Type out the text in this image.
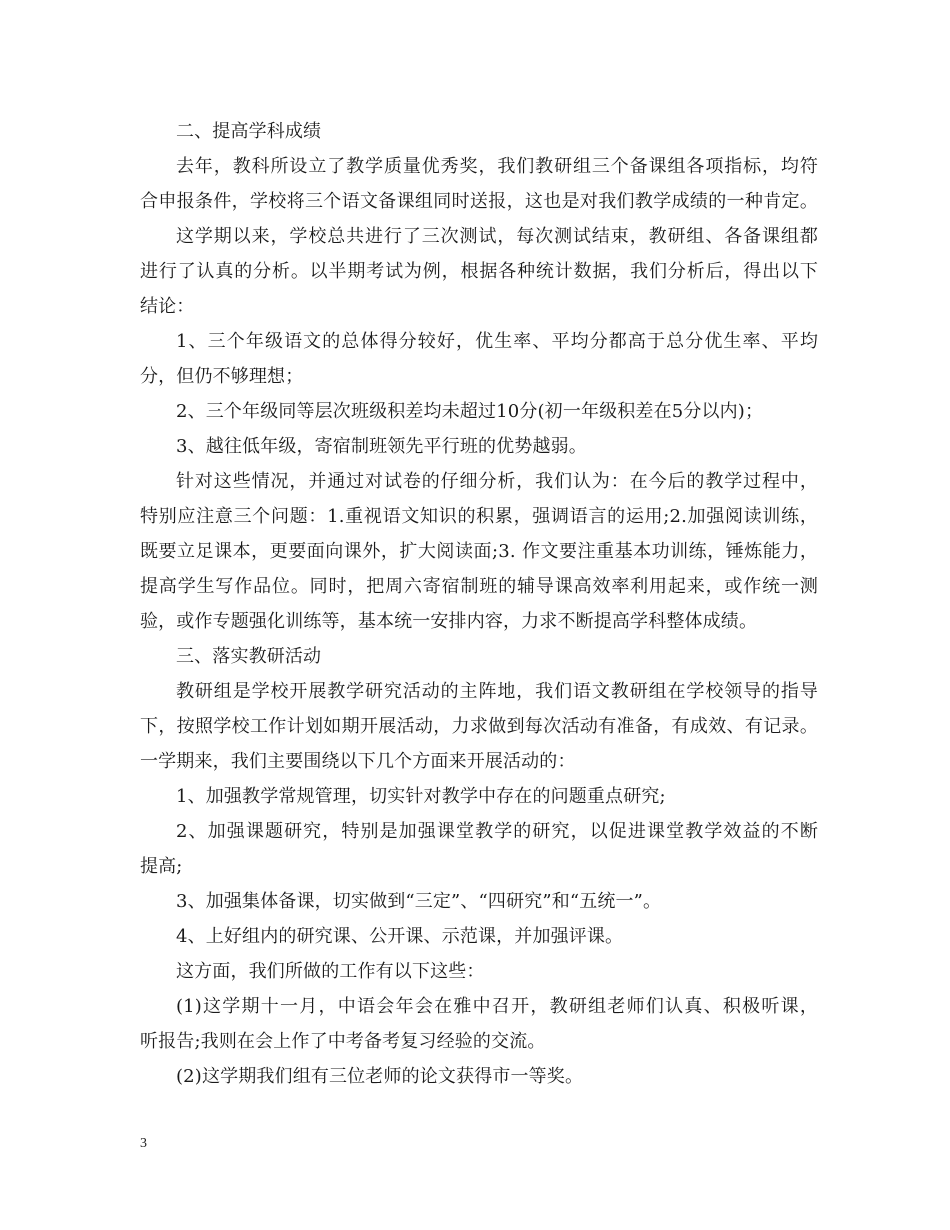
二、提高学科成绩
去年，教科所设立了教学质量优秀奖，我们教研组三个备课组各项指标，均符
合申报条件，学校将三个语文备课组同时送报，这也是对我们教学成绩的一种肯定。
这学期以来，学校总共进行了三次测试，每次测试结束，教研组、各备课组都
进行了认真的分析。以半期考试为例，根据各种统计数据，我们分析后，得出以下
结论：
1、三个年级语文的总体得分较好，优生率、平均分都高于总分优生率、平均
分，但仍不够理想；
2、三个年级同等层次班级积差均未超过10分(初一年级积差在5分以内)；
3、越往低年级，寄宿制班领先平行班的优势越弱。
针对这些情况，并通过对试卷的仔细分析，我们认为：在今后的教学过程中，
特别应注意三个问题：1.重视语文知识的积累，强调语言的运用;2.加强阅读训练，
既要立足课本，更要面向课外，扩大阅读面;3. 作文要注重基本功训练，锤炼能力，
提高学生写作品位。同时，把周六寄宿制班的辅导课高效率利用起来，或作统一测
验，或作专题强化训练等，基本统一安排内容，力求不断提高学科整体成绩。
三、落实教研活动
教研组是学校开展教学研究活动的主阵地，我们语文教研组在学校领导的指导
下，按照学校工作计划如期开展活动，力求做到每次活动有准备，有成效、有记录。
一学期来，我们主要围绕以下几个方面来开展活动的：
1、加强教学常规管理，切实针对教学中存在的问题重点研究;
2、加强课题研究，特别是加强课堂教学的研究，以促进课堂教学效益的不断
提高;
3、加强集体备课，切实做到“三定”、“四研究”和“五统一”。
4、上好组内的研究课、公开课、示范课，并加强评课。
这方面，我们所做的工作有以下这些：
(1)这学期十一月，中语会年会在雅中召开，教研组老师们认真、积极听课，
听报告;我则在会上作了中考备考复习经验的交流。
(2)这学期我们组有三位老师的论文获得市一等奖。
3
